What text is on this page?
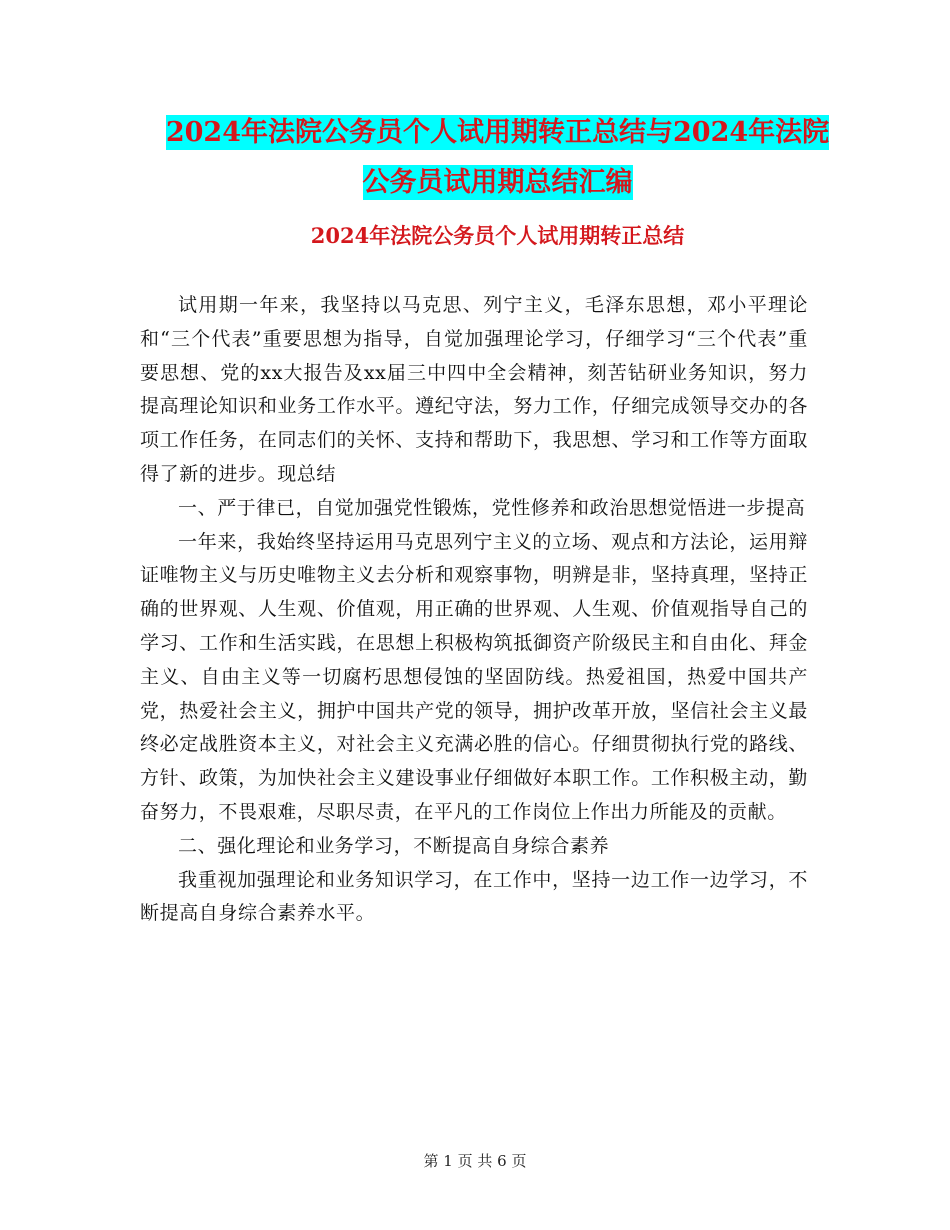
2024年法院公务员个人试用期转正总结与2024年法院
公务员试用期总结汇编
2024年法院公务员个人试用期转正总结

试用期一年来，我坚持以马克思、列宁主义，毛泽东思想，邓小平理论和“三个代表”重要思想为指导，自觉加强理论学习，仔细学习“三个代表”重要思想、党的xx大报告及xx届三中四中全会精神，刻苦钻研业务知识，努力提高理论知识和业务工作水平。遵纪守法，努力工作，仔细完成领导交办的各项工作任务，在同志们的关怀、支持和帮助下，我思想、学习和工作等方面取得了新的进步。现总结

一、严于律已，自觉加强党性锻炼，党性修养和政治思想觉悟进一步提高

一年来，我始终坚持运用马克思列宁主义的立场、观点和方法论，运用辩证唯物主义与历史唯物主义去分析和观察事物，明辨是非，坚持真理，坚持正确的世界观、人生观、价值观，用正确的世界观、人生观、价值观指导自己的学习、工作和生活实践，在思想上积极构筑抵御资产阶级民主和自由化、拜金主义、自由主义等一切腐朽思想侵蚀的坚固防线。热爱祖国，热爱中国共产党，热爱社会主义，拥护中国共产党的领导，拥护改革开放，坚信社会主义最终必定战胜资本主义，对社会主义充满必胜的信心。仔细贯彻执行党的路线、方针、政策，为加快社会主义建设事业仔细做好本职工作。工作积极主动，勤奋努力，不畏艰难，尽职尽责，在平凡的工作岗位上作出力所能及的贡献。

二、强化理论和业务学习，不断提高自身综合素养

我重视加强理论和业务知识学习，在工作中，坚持一边工作一边学习，不断提高自身综合素养水平。

第 1 页 共 6 页
